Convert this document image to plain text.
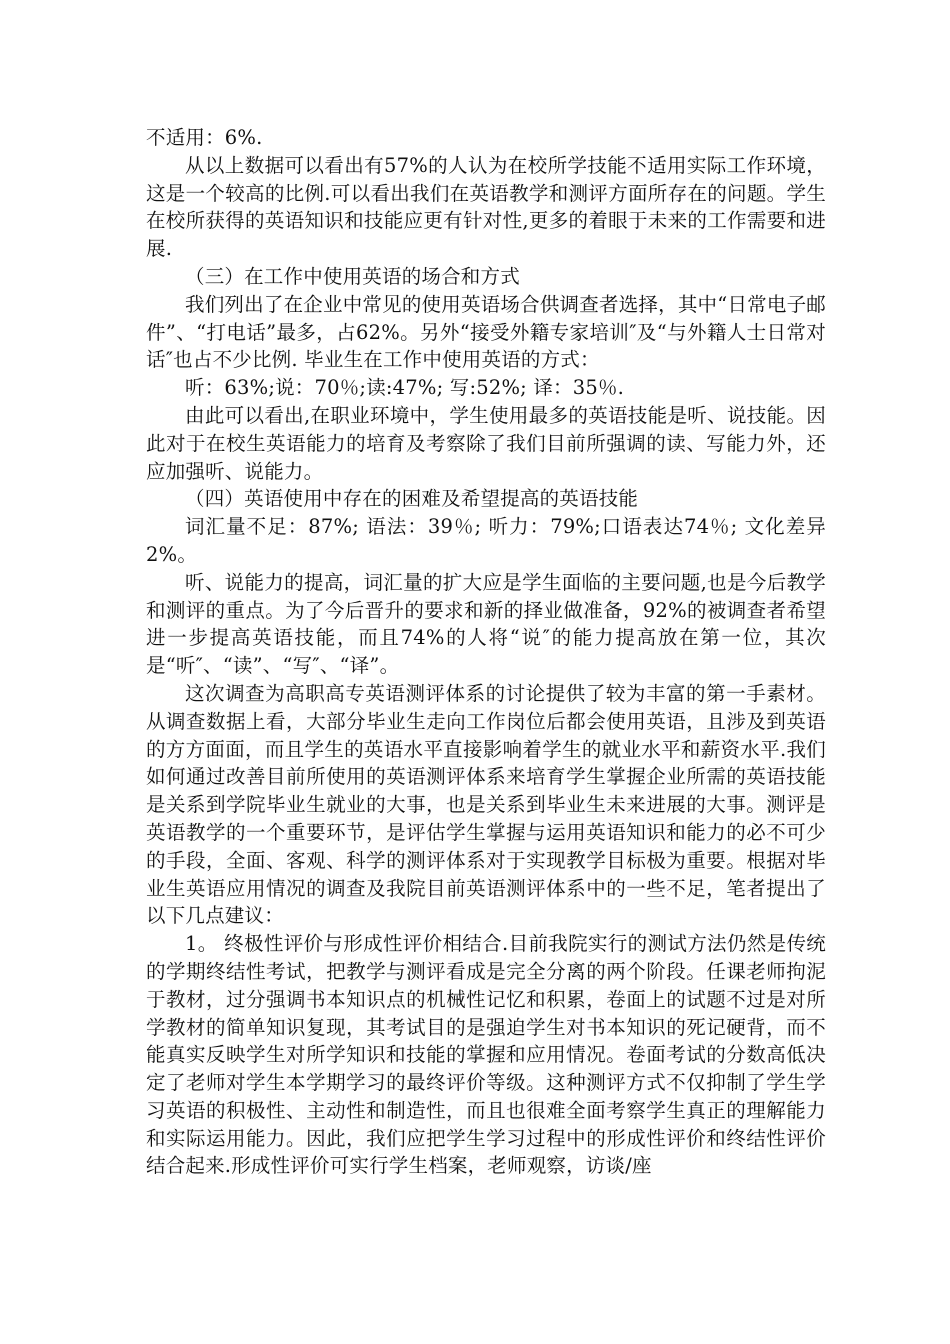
不适用：6%.

从以上数据可以看出有57%的人认为在校所学技能不适用实际工作环境，这是一个较高的比例.可以看出我们在英语教学和测评方面所存在的问题。学生在校所获得的英语知识和技能应更有针对性,更多的着眼于未来的工作需要和进展.

（三）在工作中使用英语的场合和方式

我们列出了在企业中常见的使用英语场合供调查者选择，其中“日常电子邮件”、“打电话”最多，占62%。另外“接受外籍专家培训″及“与外籍人士日常对话″也占不少比例. 毕业生在工作中使用英语的方式：

听：63%;说：70％;读:47%; 写:52%; 译：35％.

由此可以看出,在职业环境中，学生使用最多的英语技能是听、说技能。因此对于在校生英语能力的培育及考察除了我们目前所强调的读、写能力外，还应加强听、说能力。

（四）英语使用中存在的困难及希望提高的英语技能

词汇量不足：87%; 语法：39％; 听力：79%;口语表达74％; 文化差异2%。

听、说能力的提高，词汇量的扩大应是学生面临的主要问题,也是今后教学和测评的重点。为了今后晋升的要求和新的择业做准备，92%的被调查者希望进一步提高英语技能，而且74%的人将“说″的能力提高放在第一位，其次是“听″、“读”、“写″、“译”。

这次调查为高职高专英语测评体系的讨论提供了较为丰富的第一手素材。从调查数据上看，大部分毕业生走向工作岗位后都会使用英语，且涉及到英语的方方面面，而且学生的英语水平直接影响着学生的就业水平和薪资水平.我们如何通过改善目前所使用的英语测评体系来培育学生掌握企业所需的英语技能是关系到学院毕业生就业的大事，也是关系到毕业生未来进展的大事。测评是英语教学的一个重要环节，是评估学生掌握与运用英语知识和能力的必不可少的手段，全面、客观、科学的测评体系对于实现教学目标极为重要。根据对毕业生英语应用情况的调查及我院目前英语测评体系中的一些不足，笔者提出了以下几点建议：

1。 终极性评价与形成性评价相结合.目前我院实行的测试方法仍然是传统的学期终结性考试，把教学与测评看成是完全分离的两个阶段。任课老师拘泥于教材，过分强调书本知识点的机械性记忆和积累，卷面上的试题不过是对所学教材的简单知识复现，其考试目的是强迫学生对书本知识的死记硬背，而不能真实反映学生对所学知识和技能的掌握和应用情况。卷面考试的分数高低决定了老师对学生本学期学习的最终评价等级。这种测评方式不仅抑制了学生学习英语的积极性、主动性和制造性，而且也很难全面考察学生真正的理解能力和实际运用能力。因此，我们应把学生学习过程中的形成性评价和终结性评价结合起来.形成性评价可实行学生档案，老师观察，访谈/座
